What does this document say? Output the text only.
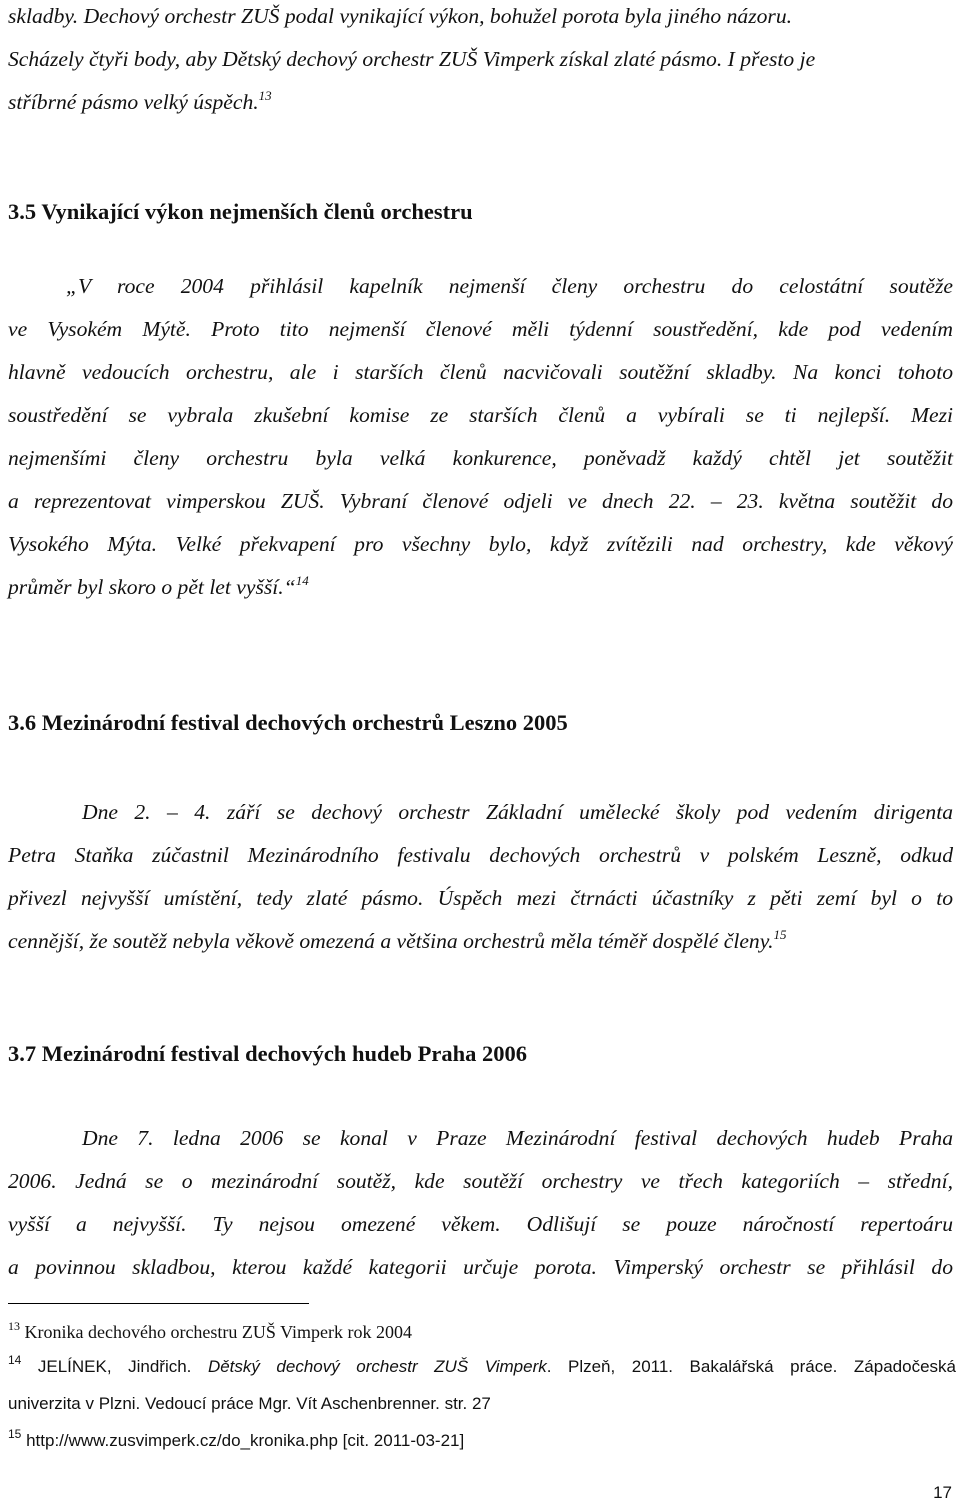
skladby. Dechový orchestr ZUŠ podal vynikající výkon, bohužel porota byla jiného názoru.
Scházely čtyři body, aby Dětský dechový orchestr ZUŠ Vimperk získal zlaté pásmo. I přesto je
stříbrné pásmo velký úspěch.$^{13}$
3.5 Vynikající výkon nejmenších členů orchestru
„V roce 2004 přihlásil kapelník nejmenší členy orchestru do celostátní soutěže
ve Vysokém Mýtě. Proto tito nejmenší členové měli týdenní soustředění, kde pod vedením
hlavně vedoucích orchestru, ale i starších členů nacvičovali soutěžní skladby. Na konci tohoto
soustředění se vybrala zkušební komise ze starších členů a vybírali se ti nejlepší. Mezi
nejmenšími členy orchestru byla velká konkurence, poněvadž každý chtěl jet soutěžit
a reprezentovat vimperskou ZUŠ. Vybraní členové odjeli ve dnech 22. – 23. května soutěžit do
Vysokého Mýta. Velké překvapení pro všechny bylo, když zvítězili nad orchestry, kde věkový
průměr byl skoro o pět let vyšší.“$^{14}$
3.6 Mezinárodní festival dechových orchestrů Leszno 2005
Dne 2. – 4. září se dechový orchestr Základní umělecké školy pod vedením dirigenta
Petra Staňka zúčastnil Mezinárodního festivalu dechových orchestrů v polském Leszně, odkud
přivezl nejvyšší umístění, tedy zlaté pásmo. Úspěch mezi čtrnácti účastníky z pěti zemí byl o to
cennější, že soutěž nebyla věkově omezená a většina orchestrů měla téměř dospělé členy.$^{15}$
3.7 Mezinárodní festival dechových hudeb Praha 2006
Dne 7. ledna 2006 se konal v Praze Mezinárodní festival dechových hudeb Praha
2006. Jedná se o mezinárodní soutěž, kde soutěží orchestry ve třech kategoriích – střední,
vyšší a nejvyšší. Ty nejsou omezené věkem. Odlišují se pouze náročností repertoáru
a povinnou skladbou, kterou každé kategorii určuje porota. Vimperský orchestr se přihlásil do
$^{13}$ Kronika dechového orchestru ZUŠ Vimperk rok 2004
$^{14}$ JELÍNEK, Jindřich. Dětský dechový orchestr ZUŠ Vimperk. Plzeň, 2011. Bakalářská práce. Západočeská
univerzita v Plzni. Vedoucí práce Mgr. Vít Aschenbrenner. str. 27
$^{15}$ http://www.zusvimperk.cz/do_kronika.php [cit. 2011-03-21]
17
